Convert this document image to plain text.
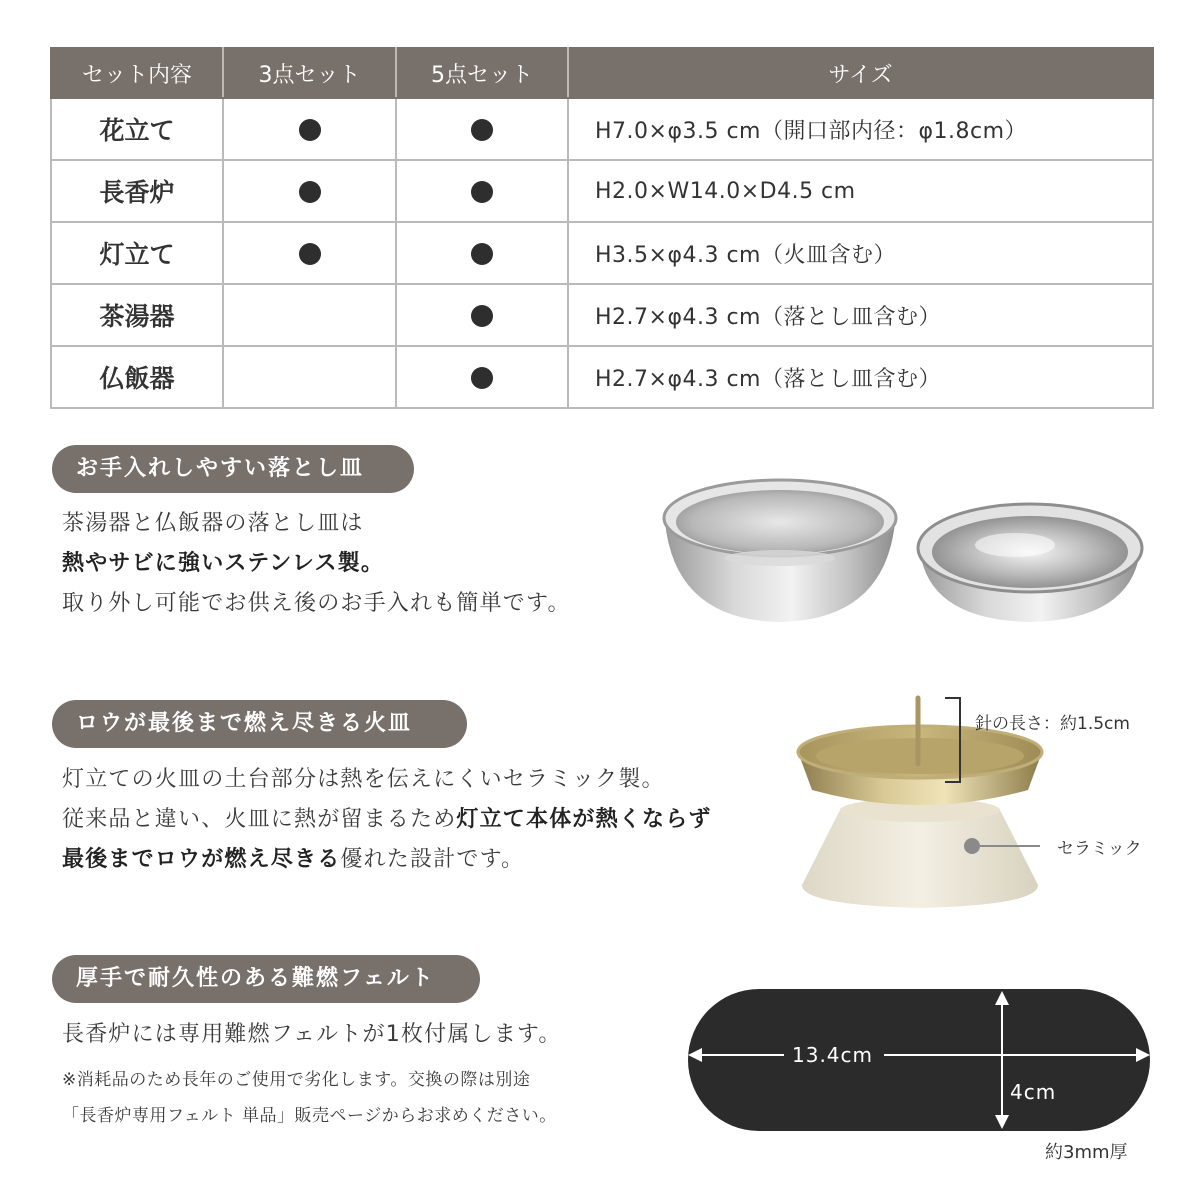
セット内容	3点セット	5点セット	サイズ
花立て			H7.0×φ3.5 cm（開口部内径：φ1.8cm）
長香炉			H2.0×W14.0×D4.5 cm
灯立て			H3.5×φ4.3 cm（火皿含む）
茶湯器			H2.7×φ4.3 cm（落とし皿含む）
仏飯器			H2.7×φ4.3 cm（落とし皿含む）
お手入れしやすい落とし皿
茶湯器と仏飯器の落とし皿は
熱やサビに強いステンレス製。
取り外し可能でお供え後のお手入れも簡単です。
ロウが最後まで燃え尽きる火皿
灯立ての火皿の土台部分は熱を伝えにくいセラミック製。
従来品と違い、火皿に熱が留まるため灯立て本体が熱くならず
最後までロウが燃え尽きる優れた設計です。
針の長さ：約1.5cm
セラミック
厚手で耐久性のある難燃フェルト
長香炉には専用難燃フェルトが1枚付属します。
※消耗品のため長年のご使用で劣化します。交換の際は別途
「長香炉専用フェルト 単品」販売ページからお求めください。
13.4cm
4cm
約3mm厚
